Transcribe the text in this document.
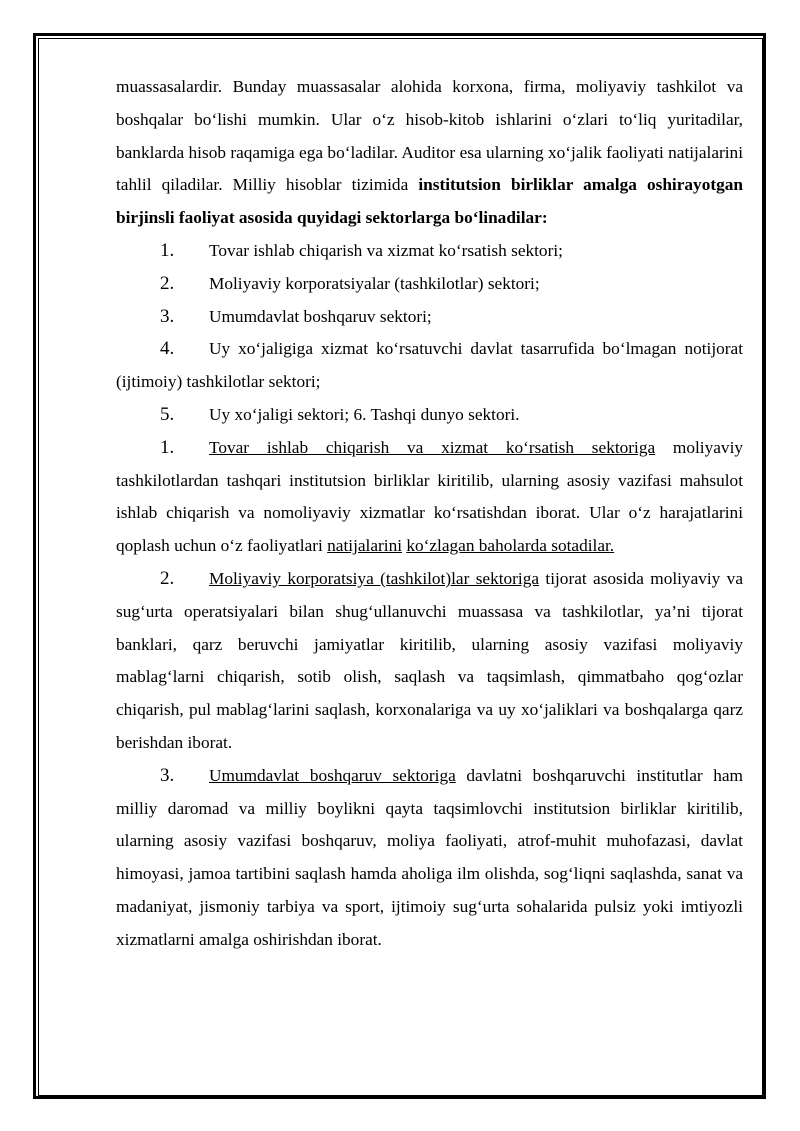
muassasalardir. Bunday muassasalar alohida korxona, firma, moliyaviy tashkilot va boshqalar bo‘lishi mumkin. Ular o‘z hisob-kitob ishlarini o‘zlari to‘liq yuritadilar, banklarda hisob raqamiga ega bo‘ladilar. Auditor esa ularning xo‘jalik faoliyati natijalarini tahlil qiladilar. Milliy hisoblar tizimida institutsion birliklar amalga oshirayotgan birjinsli faoliyat asosida quyidagi sektorlarga bo‘linadilar:

1. Tovar ishlab chiqarish va xizmat ko‘rsatish sektori;

2. Moliyaviy korporatsiyalar (tashkilotlar) sektori;

3. Umumdavlat boshqaruv sektori;

4. Uy xo‘jaligiga xizmat ko‘rsatuvchi davlat tasarrufida bo‘lmagan notijorat (ijtimoiy) tashkilotlar sektori;

5. Uy xo‘jaligi sektori; 6. Tashqi dunyo sektori.

1. Tovar ishlab chiqarish va xizmat ko‘rsatish sektoriga moliyaviy tashkilotlardan tashqari institutsion birliklar kiritilib, ularning asosiy vazifasi mahsulot ishlab chiqarish va nomoliyaviy xizmatlar ko‘rsatishdan iborat. Ular o‘z harajatlarini qoplash uchun o‘z faoliyatlari natijalarini ko‘zlagan baholarda sotadilar.

2. Moliyaviy korporatsiya (tashkilot)lar sektoriga tijorat asosida moliyaviy va sug‘urta operatsiyalari bilan shug‘ullanuvchi muassasa va tashkilotlar, ya’ni tijorat banklari, qarz beruvchi jamiyatlar kiritilib, ularning asosiy vazifasi moliyaviy mablag‘larni chiqarish, sotib olish, saqlash va taqsimlash, qimmatbaho qog‘ozlar chiqarish, pul mablag‘larini saqlash, korxonalariga va uy xo‘jaliklari va boshqalarga qarz berishdan iborat.

3. Umumdavlat boshqaruv sektoriga davlatni boshqaruvchi institutlar ham milliy daromad va milliy boylikni qayta taqsimlovchi institutsion birliklar kiritilib, ularning asosiy vazifasi boshqaruv, moliya faoliyati, atrof-muhit muhofazasi, davlat himoyasi, jamoa tartibini saqlash hamda aholiga ilm olishda, sog‘liqni saqlashda, sanat va madaniyat, jismoniy tarbiya va sport, ijtimoiy sug‘urta sohalarida pulsiz yoki imtiyozli xizmatlarni amalga oshirishdan iborat.
